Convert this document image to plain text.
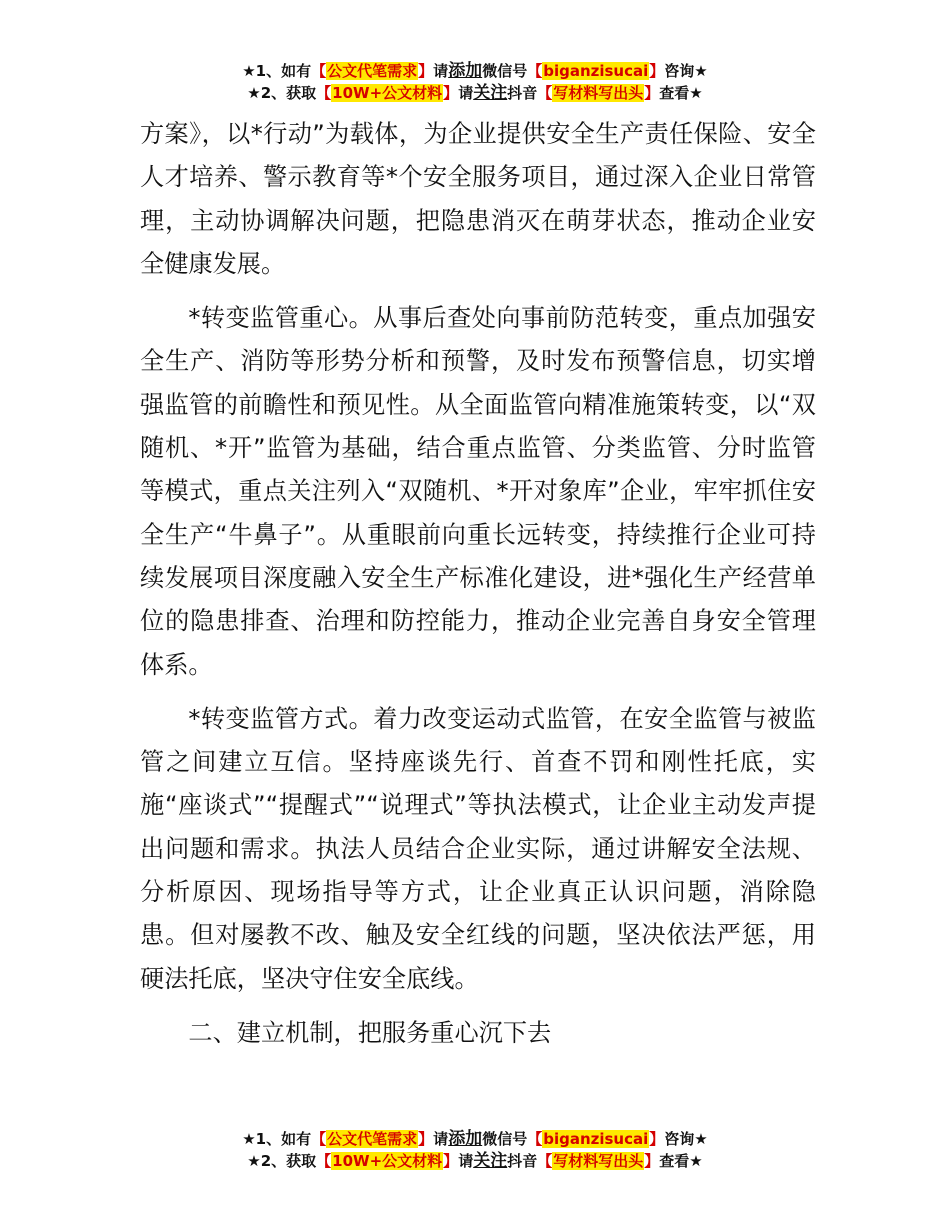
★1、如有【公文代笔需求】请添加微信号【biganzisucai】咨询★
★2、获取【10W+公文材料】请关注抖音【写材料写出头】查看★

方案》，以*行动”为载体，为企业提供安全生产责任保险、安全人才培养、警示教育等*个安全服务项目，通过深入企业日常管理，主动协调解决问题，把隐患消灭在萌芽状态，推动企业安全健康发展。

*转变监管重心。从事后查处向事前防范转变，重点加强安全生产、消防等形势分析和预警，及时发布预警信息，切实增强监管的前瞻性和预见性。从全面监管向精准施策转变，以“双随机、*开”监管为基础，结合重点监管、分类监管、分时监管等模式，重点关注列入“双随机、*开对象库”企业，牢牢抓住安全生产“牛鼻子”。从重眼前向重长远转变，持续推行企业可持续发展项目深度融入安全生产标准化建设，进*强化生产经营单位的隐患排查、治理和防控能力，推动企业完善自身安全管理体系。

*转变监管方式。着力改变运动式监管，在安全监管与被监管之间建立互信。坚持座谈先行、首查不罚和刚性托底，实施“座谈式”“提醒式”“说理式”等执法模式，让企业主动发声提出问题和需求。执法人员结合企业实际，通过讲解安全法规、分析原因、现场指导等方式，让企业真正认识问题，消除隐患。但对屡教不改、触及安全红线的问题，坚决依法严惩，用硬法托底，坚决守住安全底线。

二、建立机制，把服务重心沉下去

★1、如有【公文代笔需求】请添加微信号【biganzisucai】咨询★
★2、获取【10W+公文材料】请关注抖音【写材料写出头】查看★
